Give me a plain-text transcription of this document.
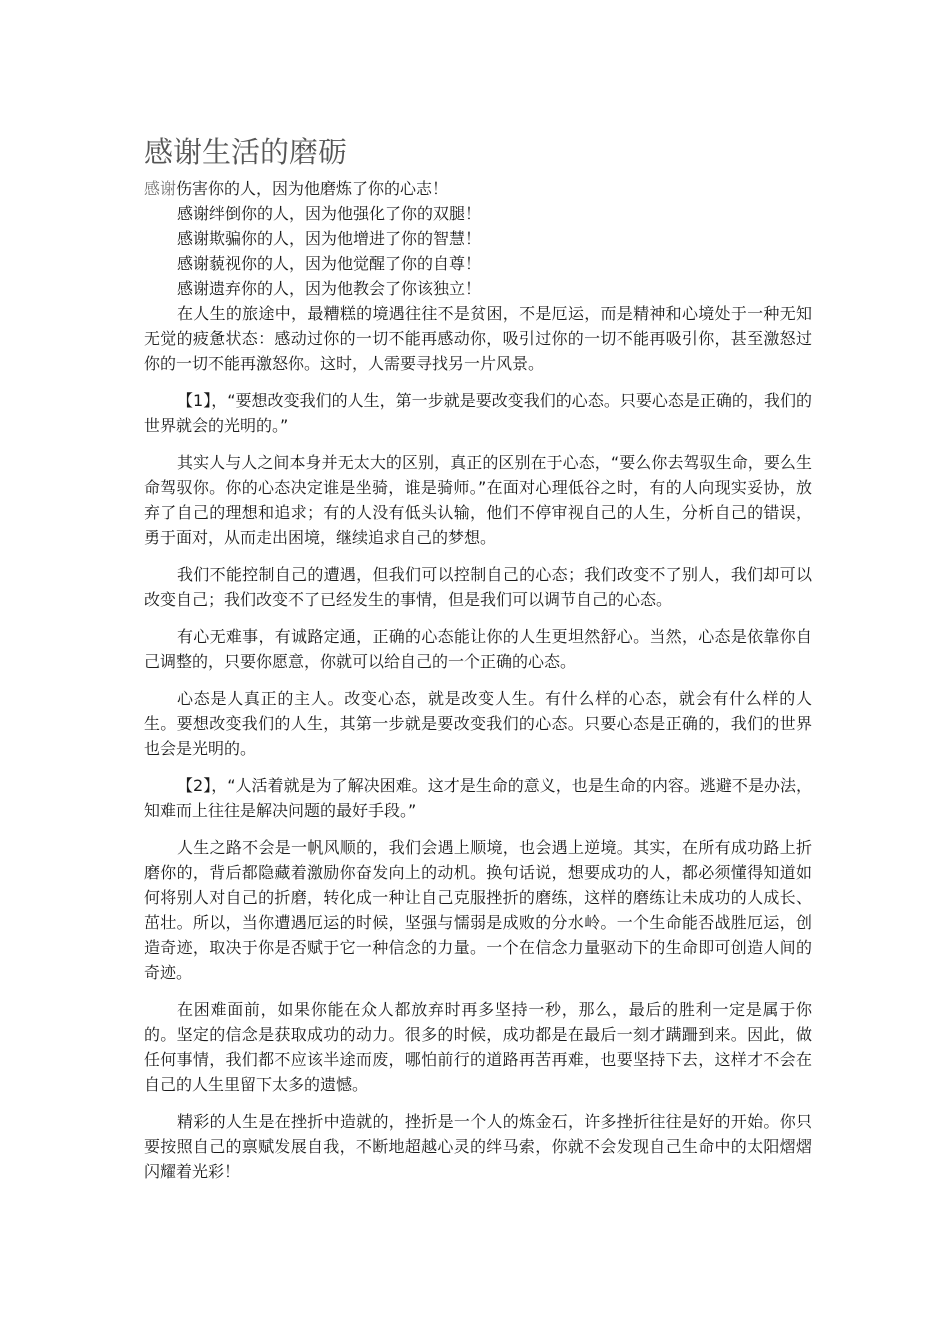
感谢生活的磨砺

感谢伤害你的人，因为他磨炼了你的心志！

感谢绊倒你的人，因为他强化了你的双腿！

感谢欺骗你的人，因为他增进了你的智慧！

感谢藐视你的人，因为他觉醒了你的自尊！

感谢遗弃你的人，因为他教会了你该独立！

在人生的旅途中，最糟糕的境遇往往不是贫困，不是厄运，而是精神和心境处于一种无知无觉的疲惫状态：感动过你的一切不能再感动你，吸引过你的一切不能再吸引你，甚至激怒过你的一切不能再激怒你。这时，人需要寻找另一片风景。

【1】，“要想改变我们的人生，第一步就是要改变我们的心态。只要心态是正确的，我们的世界就会的光明的。”

其实人与人之间本身并无太大的区别，真正的区别在于心态，“要么你去驾驭生命，要么生命驾驭你。你的心态决定谁是坐骑，谁是骑师。”在面对心理低谷之时，有的人向现实妥协，放弃了自己的理想和追求；有的人没有低头认输，他们不停审视自己的人生，分析自己的错误，勇于面对，从而走出困境，继续追求自己的梦想。

我们不能控制自己的遭遇，但我们可以控制自己的心态；我们改变不了别人，我们却可以改变自己；我们改变不了已经发生的事情，但是我们可以调节自己的心态。

有心无难事，有诚路定通，正确的心态能让你的人生更坦然舒心。当然，心态是依靠你自己调整的，只要你愿意，你就可以给自己的一个正确的心态。

心态是人真正的主人。改变心态，就是改变人生。有什么样的心态，就会有什么样的人生。要想改变我们的人生，其第一步就是要改变我们的心态。只要心态是正确的，我们的世界也会是光明的。

【2】，“人活着就是为了解决困难。这才是生命的意义，也是生命的内容。逃避不是办法，知难而上往往是解决问题的最好手段。”

人生之路不会是一帆风顺的，我们会遇上顺境，也会遇上逆境。其实，在所有成功路上折磨你的，背后都隐藏着激励你奋发向上的动机。换句话说，想要成功的人，都必须懂得知道如何将别人对自己的折磨，转化成一种让自己克服挫折的磨练，这样的磨练让未成功的人成长、茁壮。所以，当你遭遇厄运的时候，坚强与懦弱是成败的分水岭。一个生命能否战胜厄运，创造奇迹，取决于你是否赋于它一种信念的力量。一个在信念力量驱动下的生命即可创造人间的奇迹。

在困难面前，如果你能在众人都放弃时再多坚持一秒，那么，最后的胜利一定是属于你的。坚定的信念是获取成功的动力。很多的时候，成功都是在最后一刻才蹒跚到来。因此，做任何事情，我们都不应该半途而废，哪怕前行的道路再苦再难，也要坚持下去，这样才不会在自己的人生里留下太多的遗憾。

精彩的人生是在挫折中造就的，挫折是一个人的炼金石，许多挫折往往是好的开始。你只要按照自己的禀赋发展自我，不断地超越心灵的绊马索，你就不会发现自己生命中的太阳熠熠闪耀着光彩！
